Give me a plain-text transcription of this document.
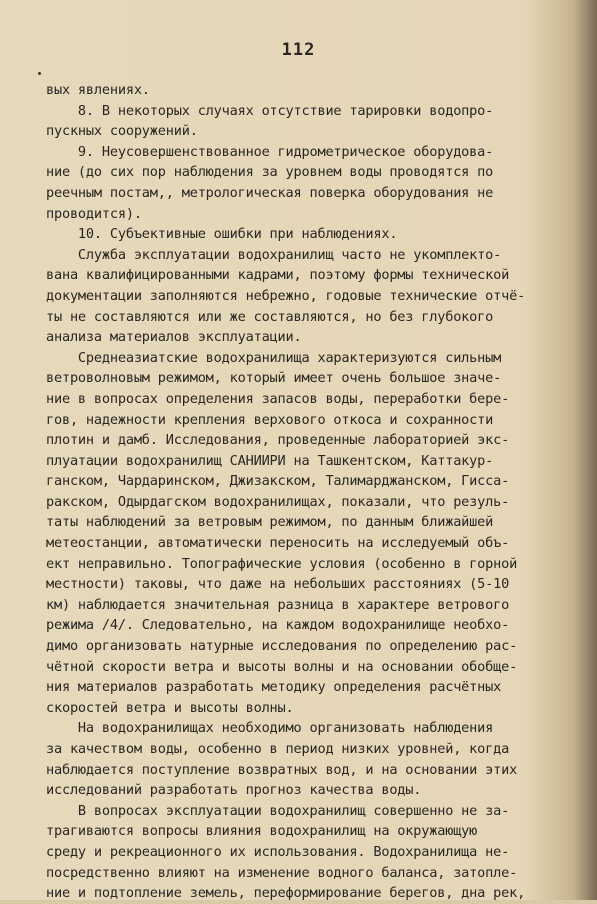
112
вых явлениях.
8. В некоторых случаях отсутствие тарировки водопро-
пускных сооружений.
9. Неусовершенствованное гидрометрическое оборудова-
ние (до сих пор наблюдения за уровнем воды проводятся по
реечным постам,, метрологическая поверка оборудования не
проводится).
10. Субъективные ошибки при наблюдениях.
Служба эксплуатации водохранилищ часто не укомплекто-
вана квалифицированными кадрами, поэтому формы технической
документации заполняются небрежно, годовые технические отчё-
ты не составляются или же составляются, но без глубокого
анализа материалов эксплуатации.
Среднеазиатские водохранилища характеризуются сильным
ветроволновым режимом, который имеет очень большое значе-
ние в вопросах определения запасов воды, переработки бере-
гов, надежности крепления верхового откоса и сохранности
плотин и дамб. Исследования, проведенные лабораторией экс-
плуатации водохранилищ САНИИРИ на Ташкентском, Каттакур-
ганском, Чардаринском, Джизакском, Талимарджанском, Гисса-
ракском, Одырдагском водохранилищах, показали, что резуль-
таты наблюдений за ветровым режимом, по данным ближайшей
метеостанции, автоматически переносить на исследуемый объ-
ект неправильно. Топографические условия (особенно в горной
местности) таковы, что даже на небольших расстояниях (5-10
км) наблюдается значительная разница в характере ветрового
режима /4/. Следовательно, на каждом водохранилище необхо-
димо организовать натурные исследования по определению рас-
чётной скорости ветра и высоты волны и на основании обобще-
ния материалов разработать методику определения расчётных
скоростей ветра и высоты волны.
На водохранилищах необходимо организовать наблюдения
за качеством воды, особенно в период низких уровней, когда
наблюдается поступление возвратных вод, и на основании этих
исследований разработать прогноз качества воды.
В вопросах эксплуатации водохранилищ совершенно не за-
трагиваются вопросы влияния водохранилищ на окружающую
среду и рекреационного их использования. Водохранилища не-
посредственно влияют на изменение водного баланса, затопле-
ние и подтопление земель, переформирование берегов, дна рек,
